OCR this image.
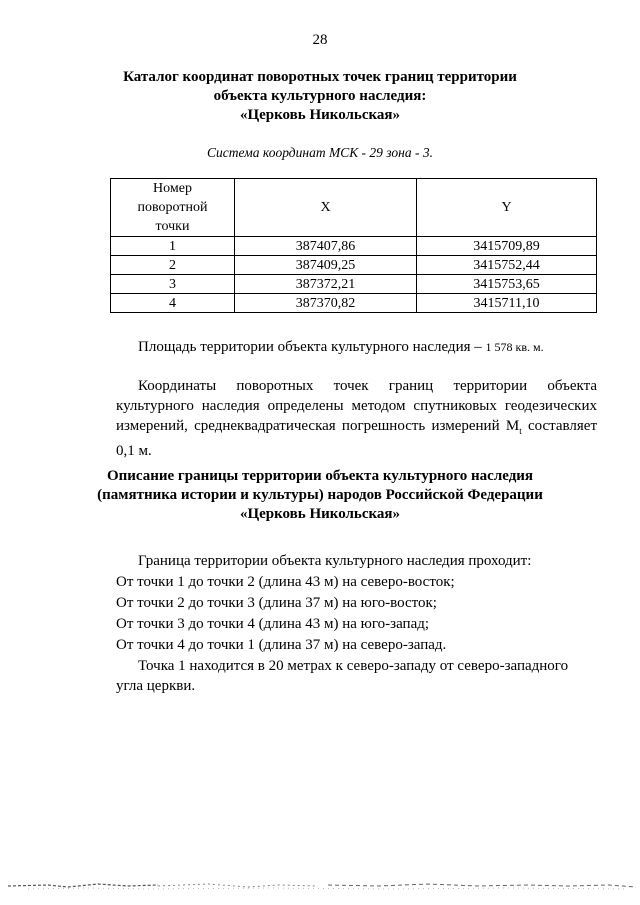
28
Каталог координат поворотных точек границ территории
объекта культурного наследия:
«Церковь Никольская»
Система координат МСК - 29 зона - 3.
Номер
поворотной
точки	X	Y
1	387407,86	3415709,89
2	387409,25	3415752,44
3	387372,21	3415753,65
4	387370,82	3415711,10
Площадь территории объекта культурного наследия – 1 578 кв. м.
Координаты поворотных точек границ территории объекта
культурного наследия определены методом спутниковых геодезических
измерений, среднеквадратическая погрешность измерений $M_t$ составляет
0,1 м.
Описание границы территории объекта культурного наследия
(памятника истории и культуры) народов Российской Федерации
«Церковь Никольская»
Граница территории объекта культурного наследия проходит:
От точки 1 до точки 2 (длина 43 м) на северо-восток;
От точки 2 до точки 3 (длина 37 м) на юго-восток;
От точки 3 до точки 4 (длина 43 м) на юго-запад;
От точки 4 до точки 1 (длина 37 м) на северо-запад.
Точка 1 находится в 20 метрах к северо-западу от северо-западного
угла церкви.
